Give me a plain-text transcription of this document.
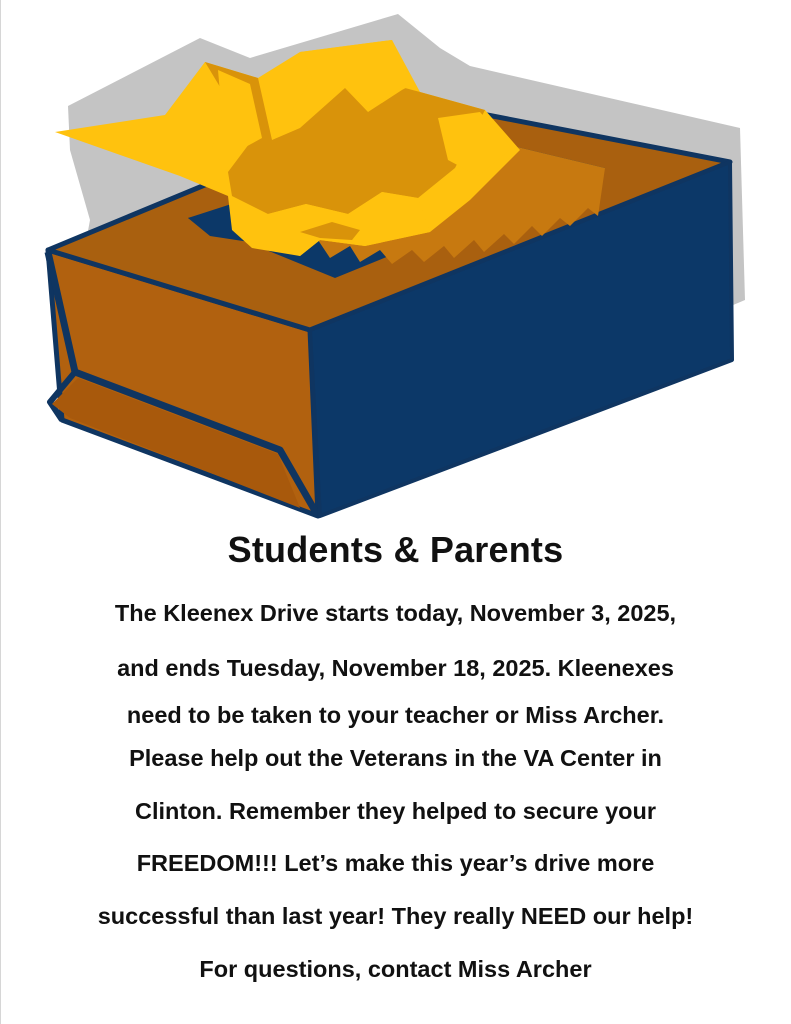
Students & Parents
The Kleenex Drive starts today, November 3, 2025,
and ends Tuesday, November 18, 2025. Kleenexes
need to be taken to your teacher or Miss Archer.
Please help out the Veterans in the VA Center in
Clinton. Remember they helped to secure your
FREEDOM!!! Let’s make this year’s drive more
successful than last year! They really NEED our help!
For questions, contact Miss Archer
